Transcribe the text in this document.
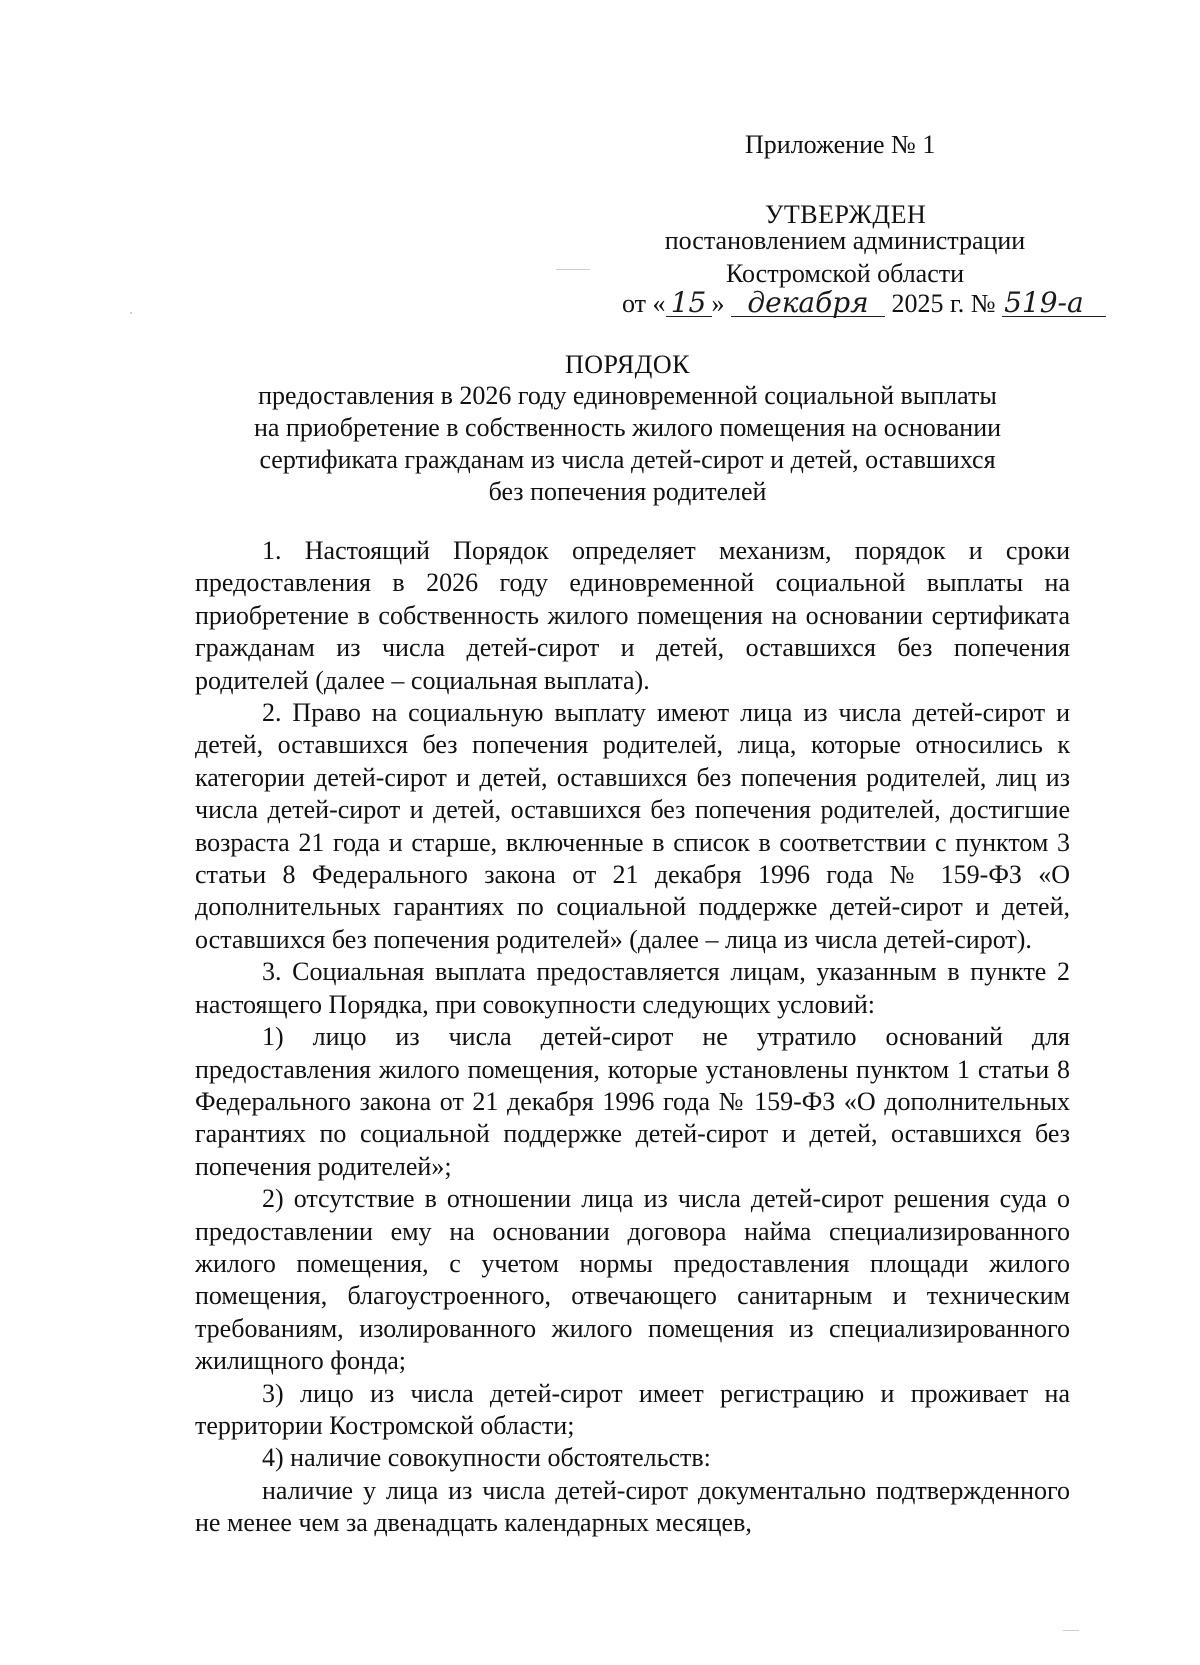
Приложение № 1
УТВЕРЖДЕН
постановлением администрации
Костромской области
от « 15 » декабря 2025 г. № 519-а
ПОРЯДОК
предоставления в 2026 году единовременной социальной выплаты
на приобретение в собственность жилого помещения на основании
сертификата гражданам из числа детей-сирот и детей, оставшихся
без попечения родителей

1. Настоящий Порядок определяет механизм, порядок и сроки предоставления в 2026 году единовременной социальной выплаты на приобретение в собственность жилого помещения на основании сертификата гражданам из числа детей-сирот и детей, оставшихся без попечения родителей (далее – социальная выплата).

2. Право на социальную выплату имеют лица из числа детей-сирот и детей, оставшихся без попечения родителей, лица, которые относились к категории детей-сирот и детей, оставшихся без попечения родителей, лиц из числа детей-сирот и детей, оставшихся без попечения родителей, достигшие возраста 21 года и старше, включенные в список в соответствии с пунктом 3 статьи 8 Федерального закона от 21 декабря 1996 года № 159-ФЗ «О дополнительных гарантиях по социальной поддержке детей-сирот и детей, оставшихся без попечения родителей» (далее – лица из числа детей-сирот).

3. Социальная выплата предоставляется лицам, указанным в пункте 2 настоящего Порядка, при совокупности следующих условий:

1) лицо из числа детей-сирот не утратило оснований для предоставления жилого помещения, которые установлены пунктом 1 статьи 8 Федерального закона от 21 декабря 1996 года № 159-ФЗ «О дополнительных гарантиях по социальной поддержке детей-сирот и детей, оставшихся без попечения родителей»;

2) отсутствие в отношении лица из числа детей-сирот решения суда о предоставлении ему на основании договора найма специализированного жилого помещения, с учетом нормы предоставления площади жилого помещения, благоустроенного, отвечающего санитарным и техническим требованиям, изолированного жилого помещения из специализированного жилищного фонда;

3) лицо из числа детей-сирот имеет регистрацию и проживает на территории Костромской области;

4) наличие совокупности обстоятельств:

наличие у лица из числа детей-сирот документально подтвержденного не менее чем за двенадцать календарных месяцев,
